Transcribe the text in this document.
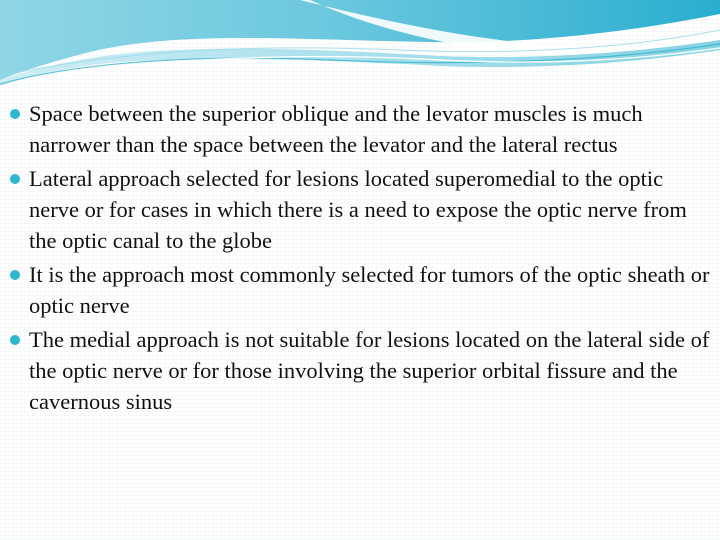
Space between the superior oblique and the levator muscles is much narrower than the space between the levator and the lateral rectus
Lateral approach selected for lesions located superomedial to the optic nerve or for cases in which there is a need to expose the optic nerve from the optic canal to the globe
It is the approach most commonly selected for tumors of the optic sheath or optic nerve
The medial approach is not suitable for lesions located on the lateral side of the optic nerve or for those involving the superior orbital fissure and the cavernous sinus
